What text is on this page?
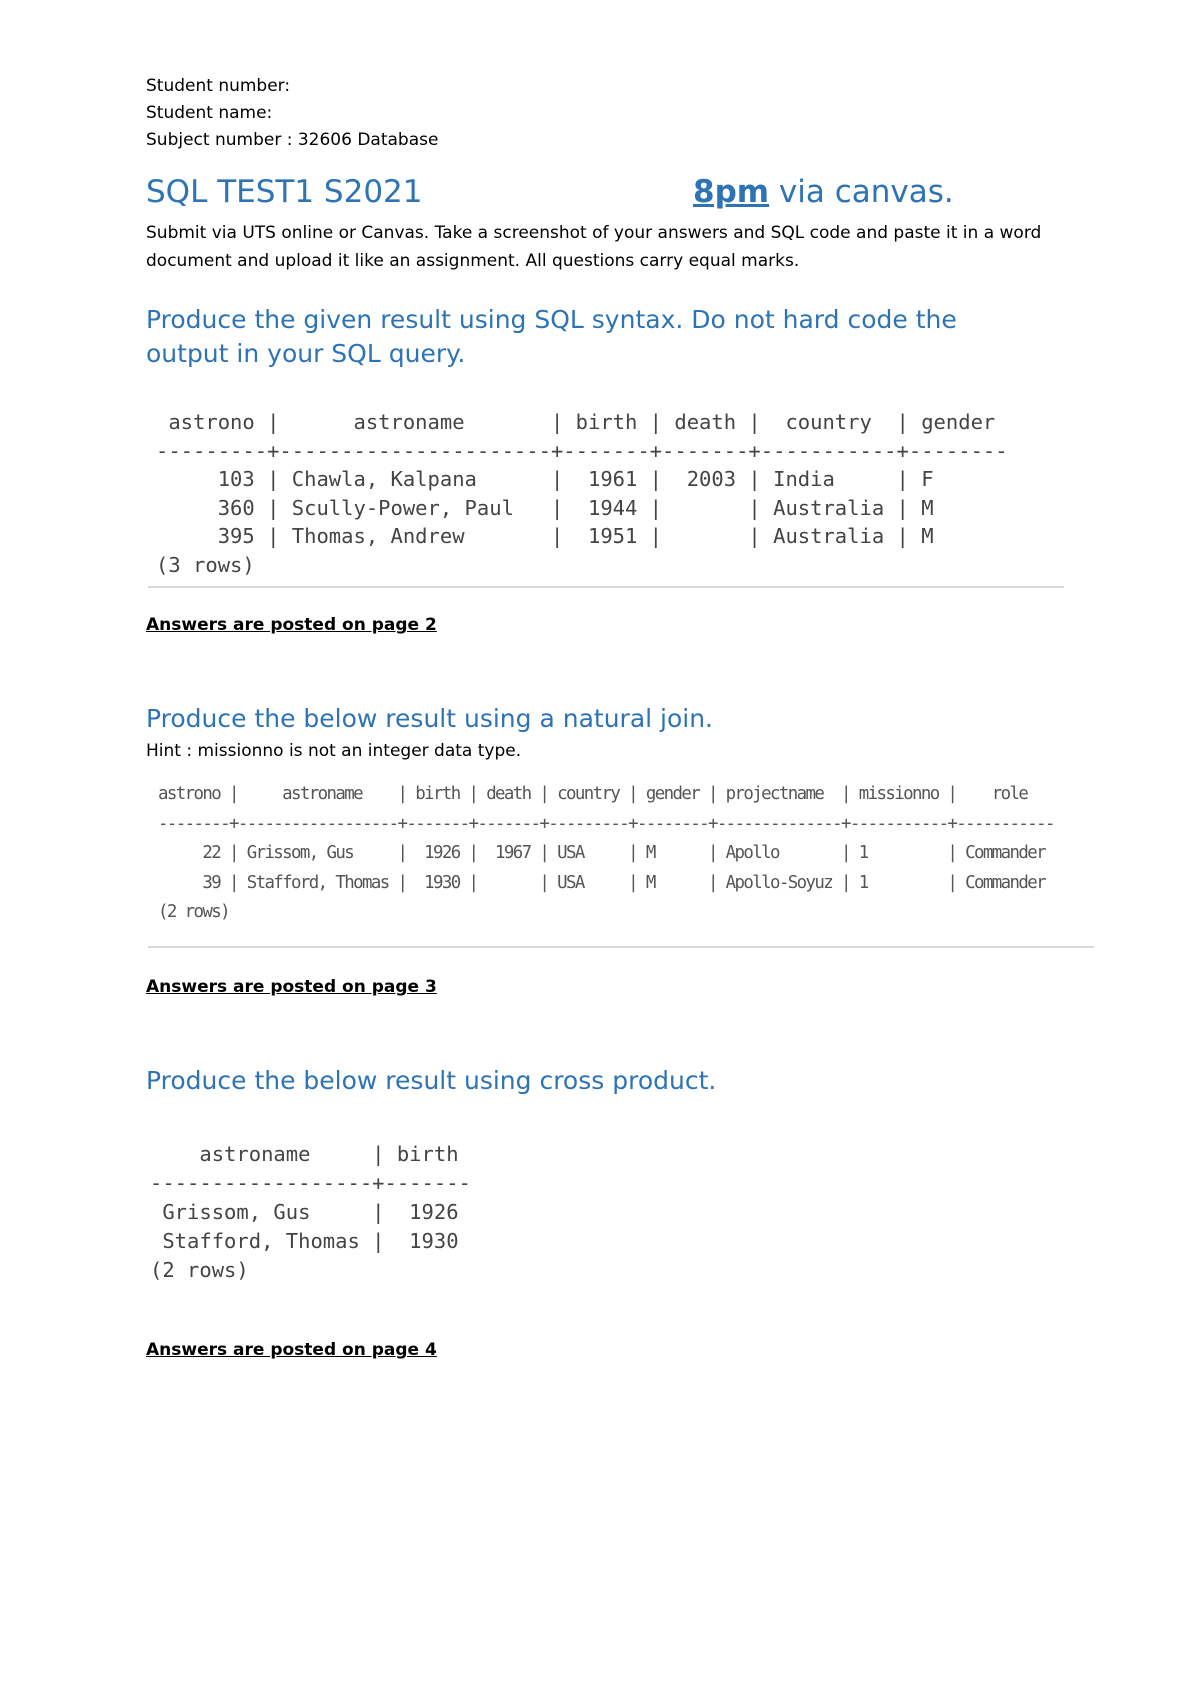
Student number:
Student name:
Subject number : 32606 Database
SQL TEST1 S2021	8pm via canvas.
Submit via UTS online or Canvas. Take a screenshot of your answers and SQL code and paste it in a word document and upload it like an assignment. All questions carry equal marks.
Produce the given result using SQL syntax. Do not hard code the output in your SQL query.
astrono |      astroname       | birth | death |  country  | gender
---------+----------------------+-------+-------+-----------+--------
103 | Chawla, Kalpana      |  1961 |  2003 | India     | F
360 | Scully-Power, Paul   |  1944 |       | Australia | M
395 | Thomas, Andrew       |  1951 |       | Australia | M
(3 rows)
Answers are posted on page 2
Produce the below result using a natural join.
Hint : missionno is not an integer data type.
astrono |     astroname    | birth | death | country | gender | projectname  | missionno |    role
--------+------------------+-------+-------+---------+--------+--------------+-----------+-----------
22 | Grissom, Gus     |  1926 |  1967 | USA     | M      | Apollo       | 1         | Commander
39 | Stafford, Thomas |  1930 |       | USA     | M      | Apollo-Soyuz | 1         | Commander
(2 rows)
Answers are posted on page 3
Produce the below result using cross product.
astroname     | birth
------------------+-------
Grissom, Gus     |  1926
Stafford, Thomas |  1930
(2 rows)
Answers are posted on page 4
